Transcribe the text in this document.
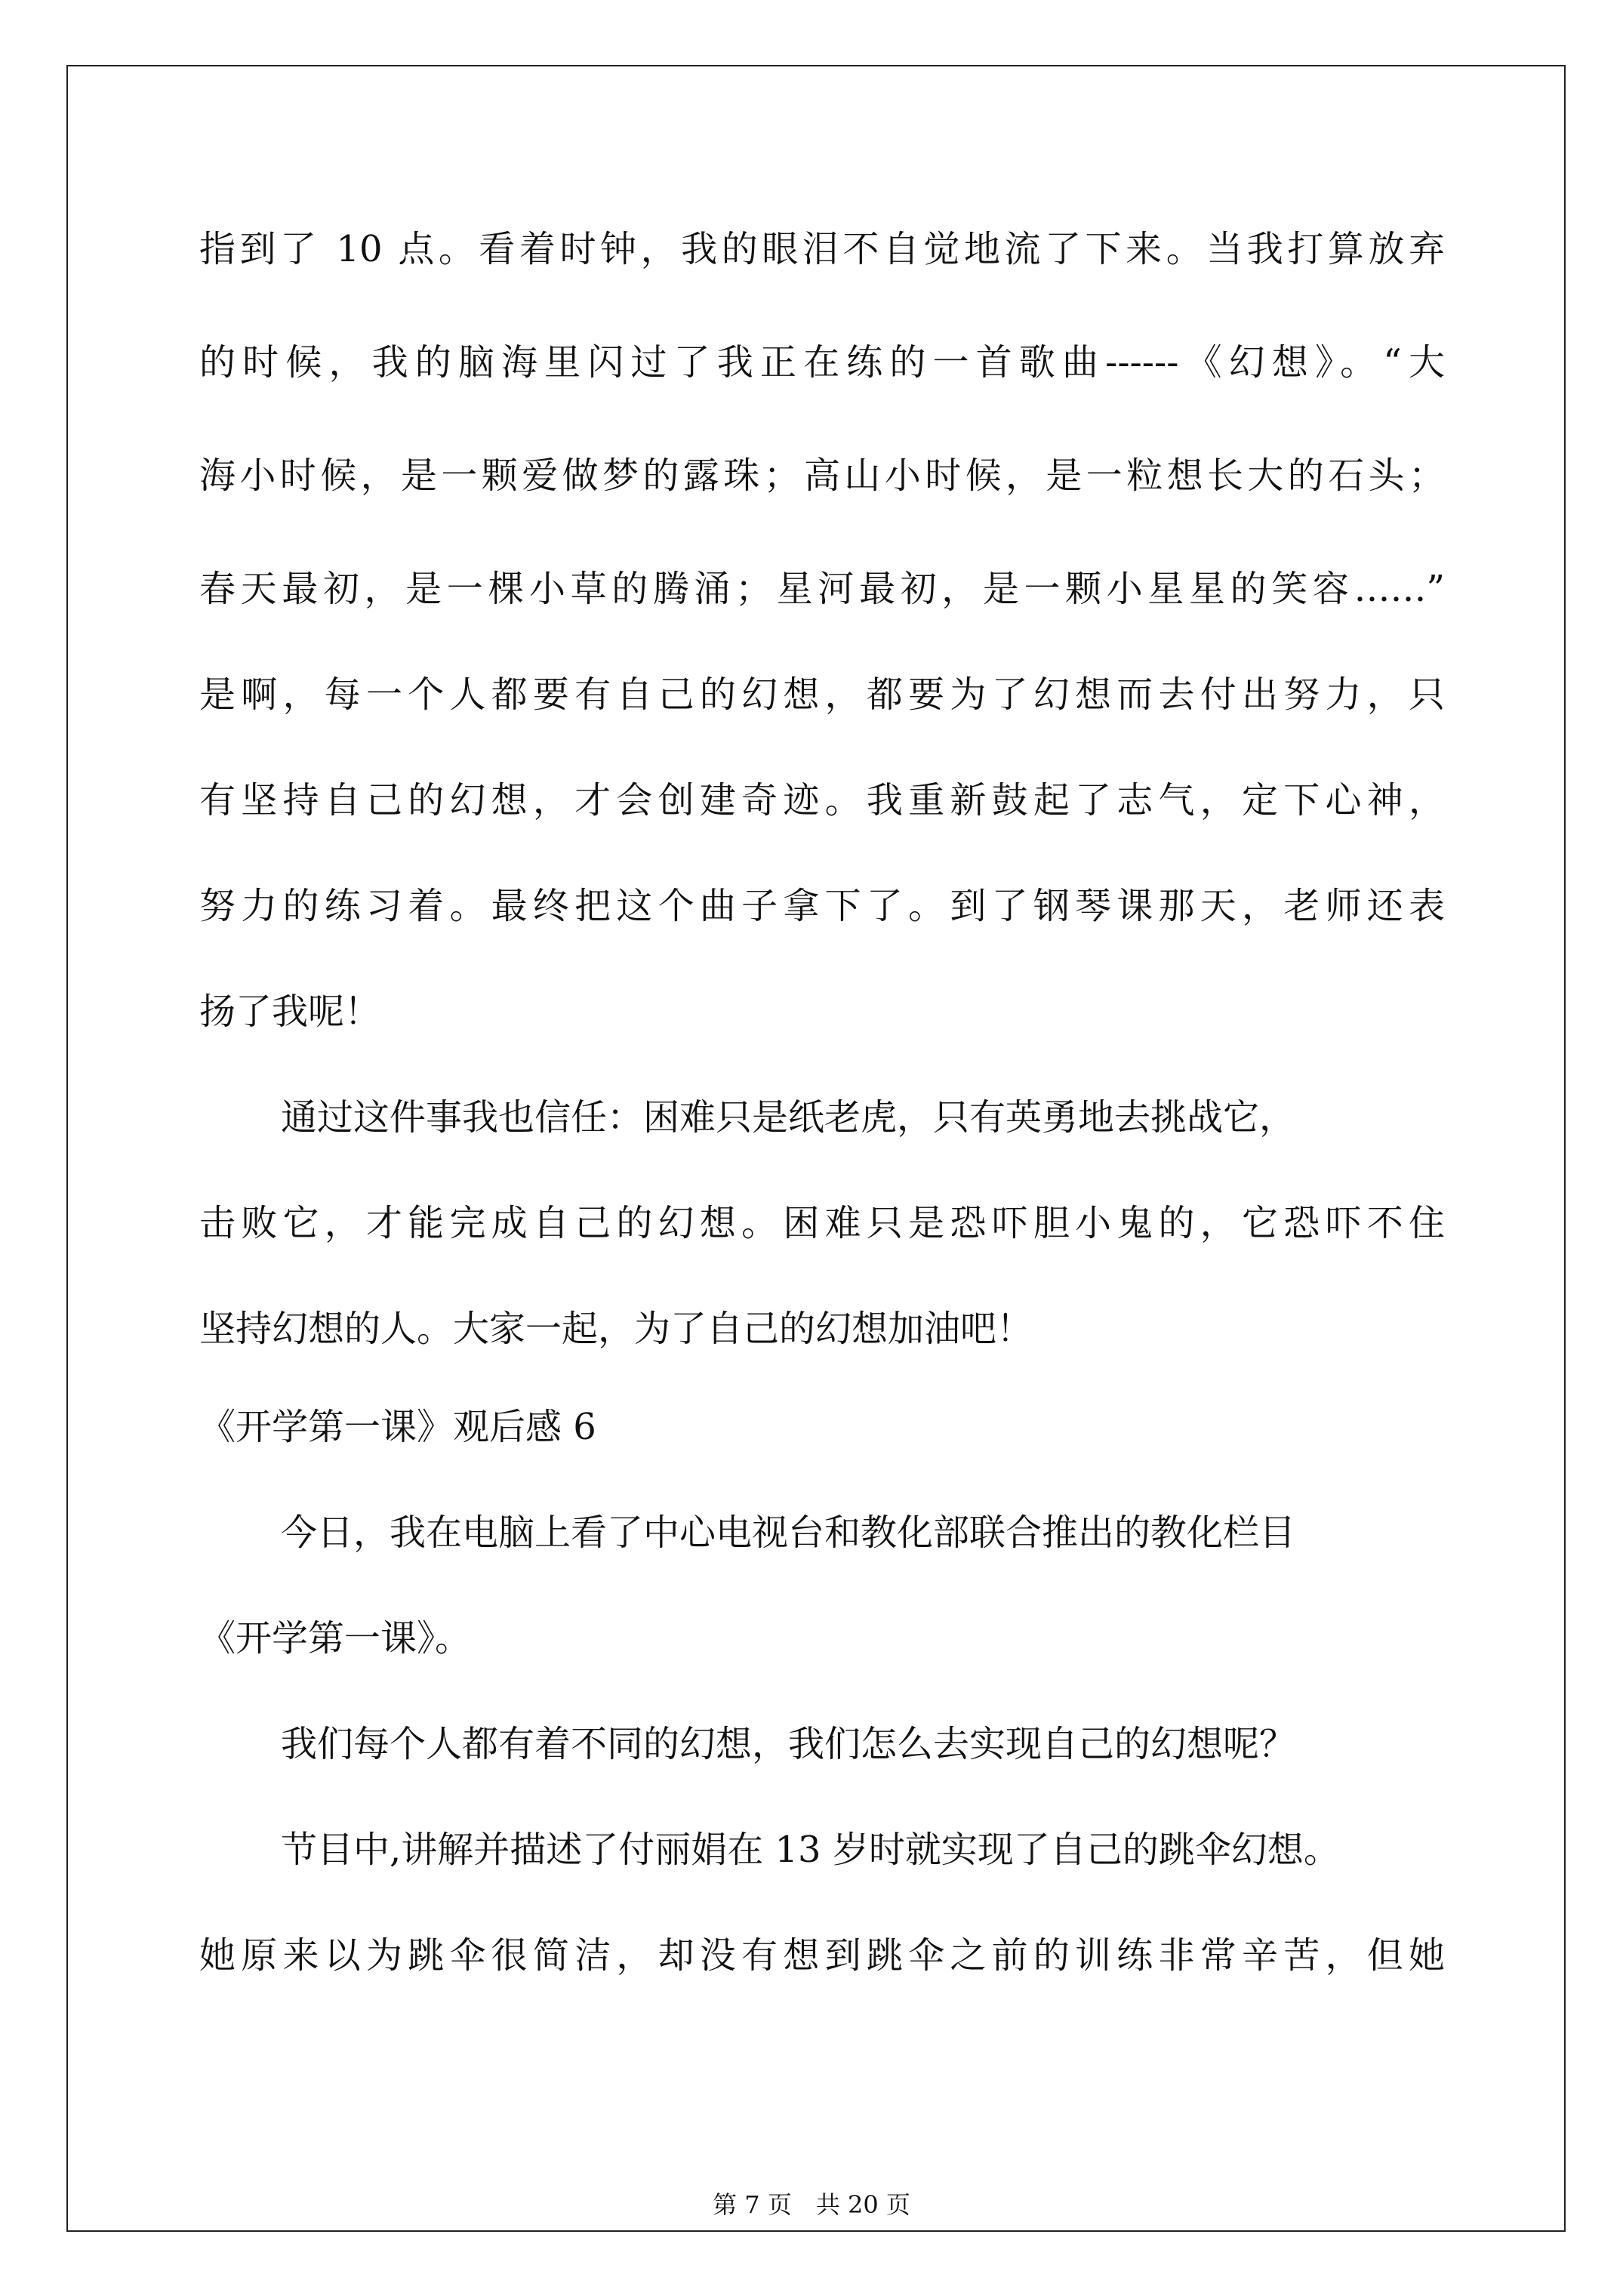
指到了 10 点。看着时钟，我的眼泪不自觉地流了下来。当我打算放弃

的时候，我的脑海里闪过了我正在练的一首歌曲------《幻想》。“大

海小时候，是一颗爱做梦的露珠；高山小时候，是一粒想长大的石头；

春天最初，是一棵小草的腾涌；星河最初，是一颗小星星的笑容……”

是啊，每一个人都要有自己的幻想，都要为了幻想而去付出努力，只

有坚持自己的幻想，才会创建奇迹。我重新鼓起了志气，定下心神，

努力的练习着。最终把这个曲子拿下了。到了钢琴课那天，老师还表

扬了我呢！

通过这件事我也信任：困难只是纸老虎，只有英勇地去挑战它，

击败它，才能完成自己的幻想。困难只是恐吓胆小鬼的，它恐吓不住

坚持幻想的人。大家一起，为了自己的幻想加油吧！

《开学第一课》观后感 6

今日，我在电脑上看了中心电视台和教化部联合推出的教化栏目

《开学第一课》。

我们每个人都有着不同的幻想，我们怎么去实现自己的幻想呢？

节目中,讲解并描述了付丽娟在 13 岁时就实现了自己的跳伞幻想。

她原来以为跳伞很简洁，却没有想到跳伞之前的训练非常辛苦，但她

第 7 页　共 20 页
